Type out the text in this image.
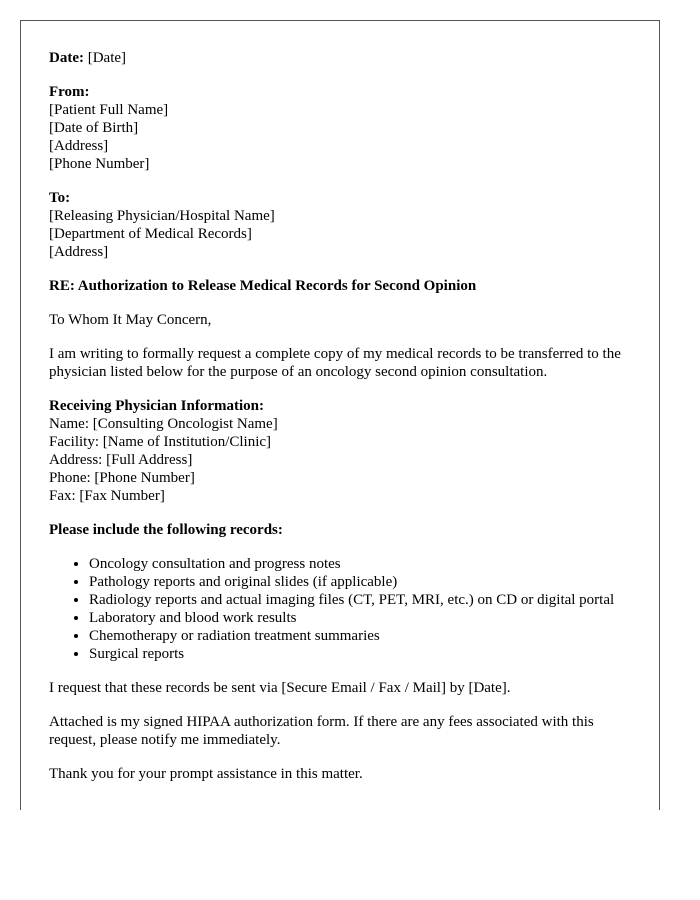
Date: [Date]

From:
[Patient Full Name]
[Date of Birth]
[Address]
[Phone Number]
To:
[Releasing Physician/Hospital Name]
[Department of Medical Records]
[Address]

RE: Authorization to Release Medical Records for Second Opinion

To Whom It May Concern,

I am writing to formally request a complete copy of my medical records to be transferred to the physician listed below for the purpose of an oncology second opinion consultation.

Receiving Physician Information:
Name: [Consulting Oncologist Name]
Facility: [Name of Institution/Clinic]
Address: [Full Address]
Phone: [Phone Number]
Fax: [Fax Number]

Please include the following records:

• Oncology consultation and progress notes
• Pathology reports and original slides (if applicable)
• Radiology reports and actual imaging files (CT, PET, MRI, etc.) on CD or digital portal
• Laboratory and blood work results
• Chemotherapy or radiation treatment summaries
• Surgical reports

I request that these records be sent via [Secure Email / Fax / Mail] by [Date].

Attached is my signed HIPAA authorization form. If there are any fees associated with this request, please notify me immediately.

Thank you for your prompt assistance in this matter.
